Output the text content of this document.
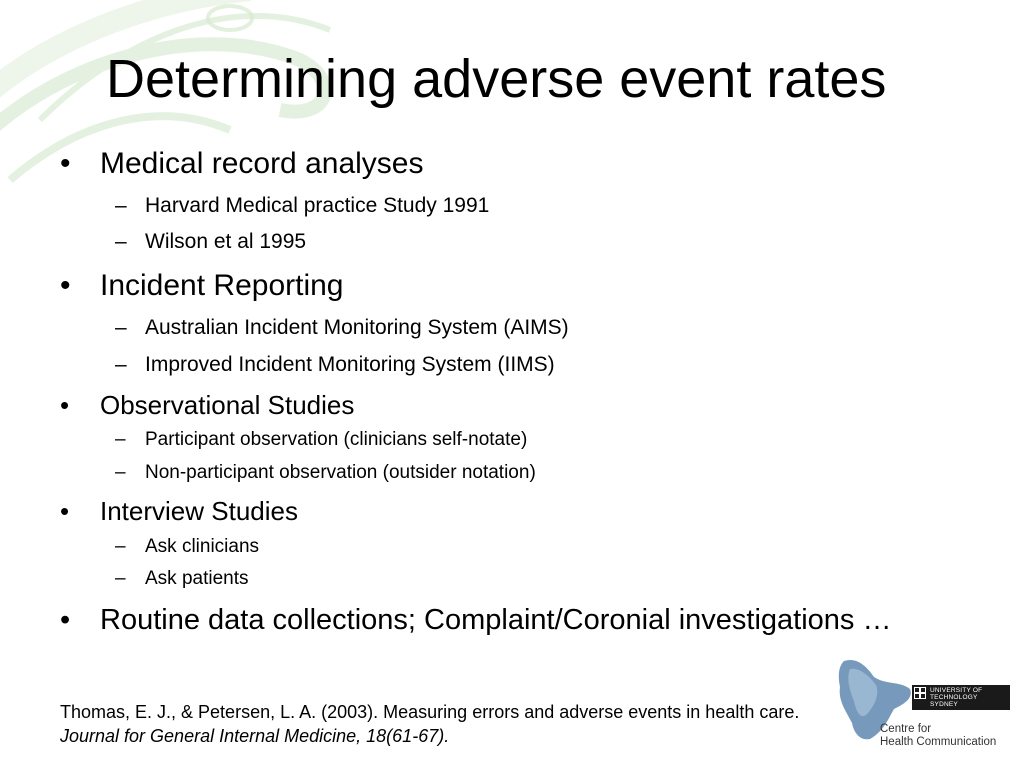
Determining adverse event rates
• Medical record analyses
– Harvard Medical practice Study 1991
– Wilson et al 1995
• Incident Reporting
– Australian Incident Monitoring System (AIMS)
– Improved Incident Monitoring System (IIMS)
• Observational Studies
– Participant observation (clinicians self-notate)
– Non-participant observation (outsider notation)
• Interview Studies
– Ask clinicians
– Ask patients
• Routine data collections; Complaint/Coronial investigations …
Thomas, E. J., & Petersen, L. A. (2003). Measuring errors and adverse events in health care. Journal for General Internal Medicine, 18(61-67).
UNIVERSITY OF
TECHNOLOGY SYDNEY
Centre for
Health Communication
